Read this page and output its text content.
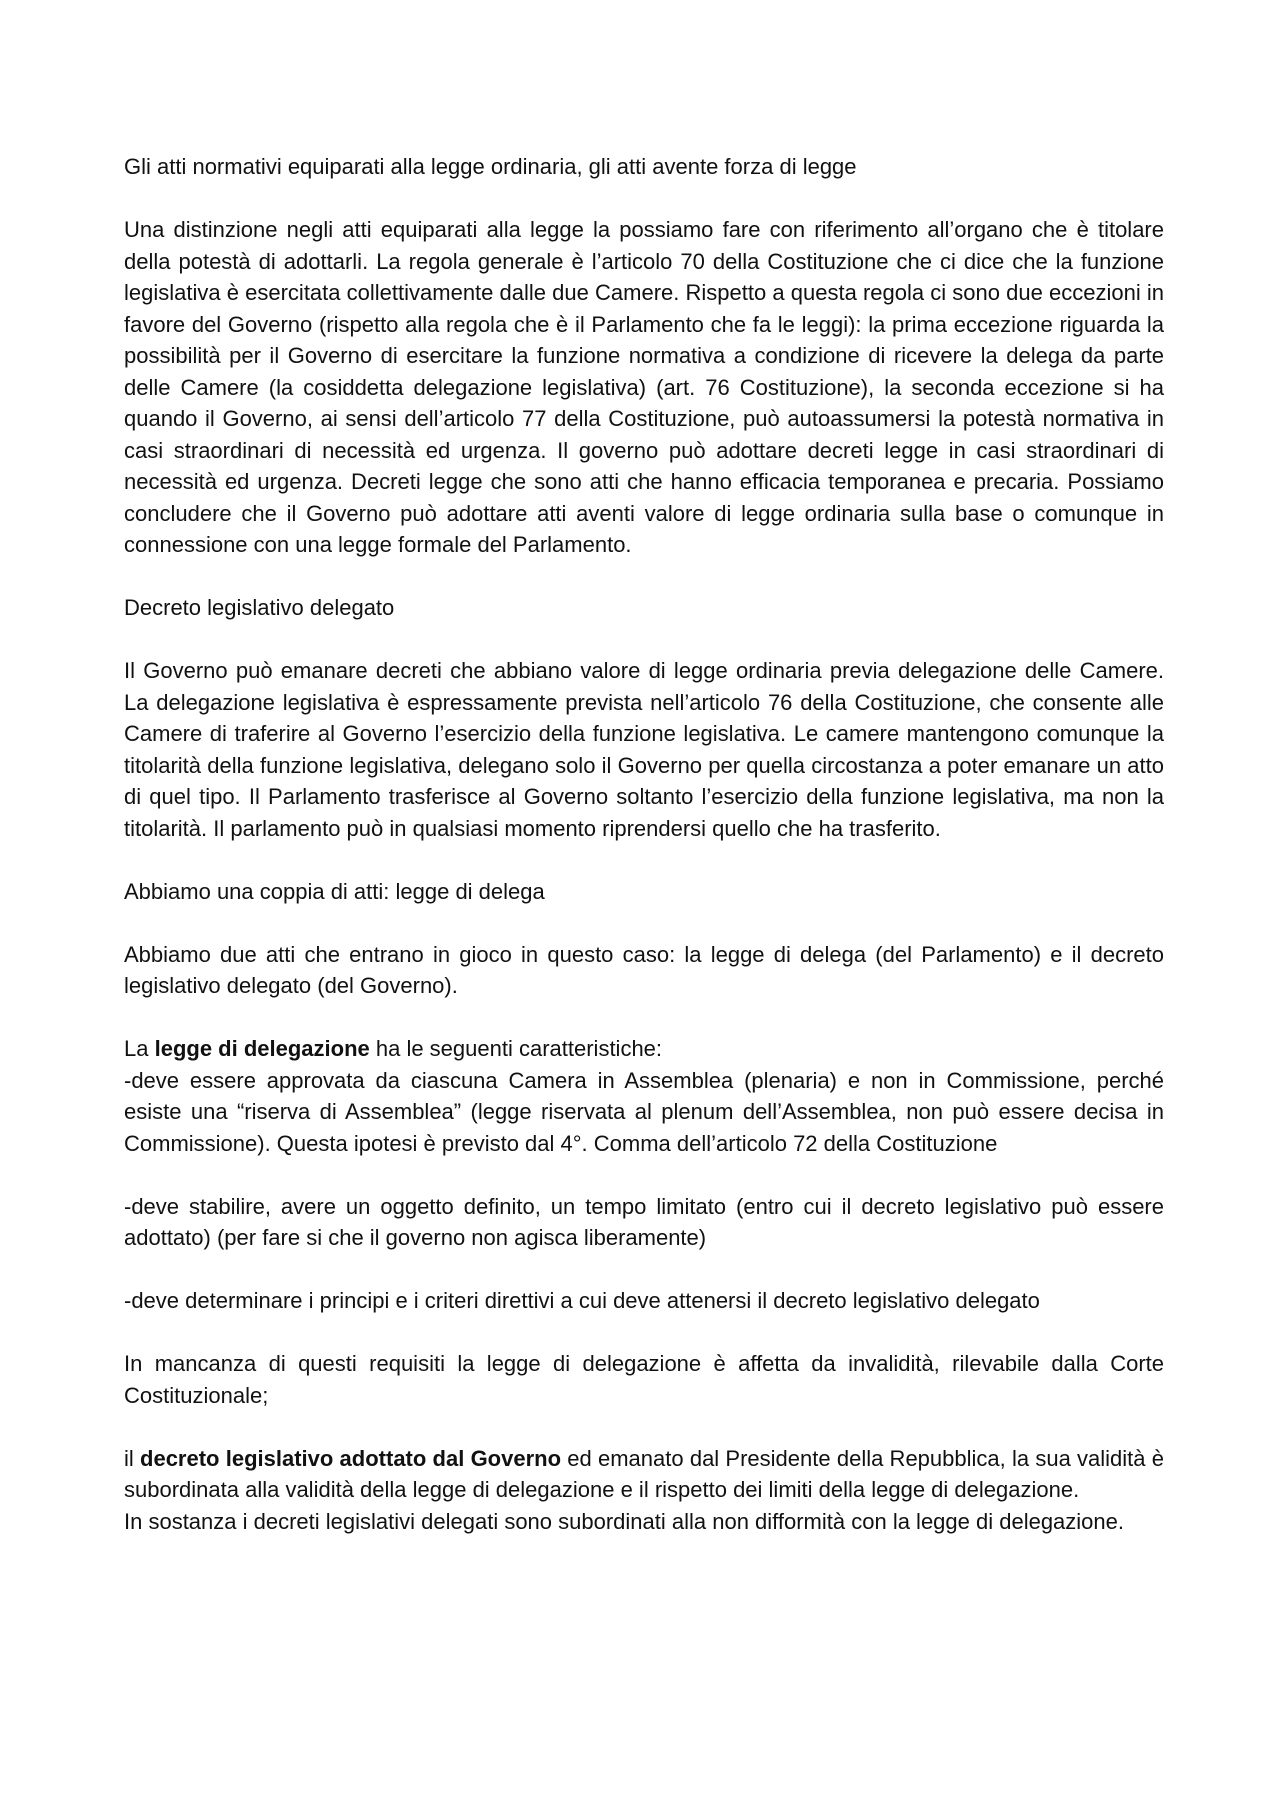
Gli atti normativi equiparati alla legge ordinaria, gli atti avente forza di legge

Una distinzione negli atti equiparati alla legge la possiamo fare con riferimento all’organo che è titolare della potestà di adottarli. La regola generale è l’articolo 70 della Costituzione che ci dice che la funzione legislativa è esercitata collettivamente dalle due Camere. Rispetto a questa regola ci sono due eccezioni in favore del Governo (rispetto alla regola che è il Parlamento che fa le leggi): la prima eccezione riguarda la possibilità per il Governo di esercitare la funzione normativa a condizione di ricevere la delega da parte delle Camere (la cosiddetta delegazione legislativa) (art. 76 Costituzione), la seconda eccezione si ha quando il Governo, ai sensi dell’articolo 77 della Costituzione, può autoassumersi la potestà normativa in casi straordinari di necessità ed urgenza. Il governo può adottare decreti legge in casi straordinari di necessità ed urgenza. Decreti legge che sono atti che hanno efficacia temporanea e precaria. Possiamo concludere che il Governo può adottare atti aventi valore di legge ordinaria sulla base o comunque in connessione con una legge formale del Parlamento.

Decreto legislativo delegato

Il Governo può emanare decreti che abbiano valore di legge ordinaria previa delegazione delle Camere. La delegazione legislativa è espressamente prevista nell’articolo 76 della Costituzione, che consente alle Camere di traferire al Governo l’esercizio della funzione legislativa. Le camere mantengono comunque la titolarità della funzione legislativa, delegano solo il Governo per quella circostanza a poter emanare un atto di quel tipo. Il Parlamento trasferisce al Governo soltanto l’esercizio della funzione legislativa, ma non la titolarità. Il parlamento può in qualsiasi momento riprendersi quello che ha trasferito.

Abbiamo una coppia di atti: legge di delega

Abbiamo due atti che entrano in gioco in questo caso: la legge di delega (del Parlamento) e il decreto legislativo delegato (del Governo).

La legge di delegazione ha le seguenti caratteristiche:

-deve essere approvata da ciascuna Camera in Assemblea (plenaria) e non in Commissione, perché esiste una “riserva di Assemblea” (legge riservata al plenum dell’Assemblea, non può essere decisa in Commissione). Questa ipotesi è previsto dal 4°. Comma dell’articolo 72 della Costituzione

-deve stabilire, avere un oggetto definito, un tempo limitato (entro cui il decreto legislativo può essere adottato) (per fare si che il governo non agisca liberamente)

-deve determinare i principi e i criteri direttivi a cui deve attenersi il decreto legislativo delegato

In mancanza di questi requisiti la legge di delegazione è affetta da invalidità, rilevabile dalla Corte Costituzionale;

il decreto legislativo adottato dal Governo ed emanato dal Presidente della Repubblica, la sua validità è subordinata alla validità della legge di delegazione e il rispetto dei limiti della legge di delegazione.

In sostanza i decreti legislativi delegati sono subordinati alla non difformità con la legge di delegazione.
